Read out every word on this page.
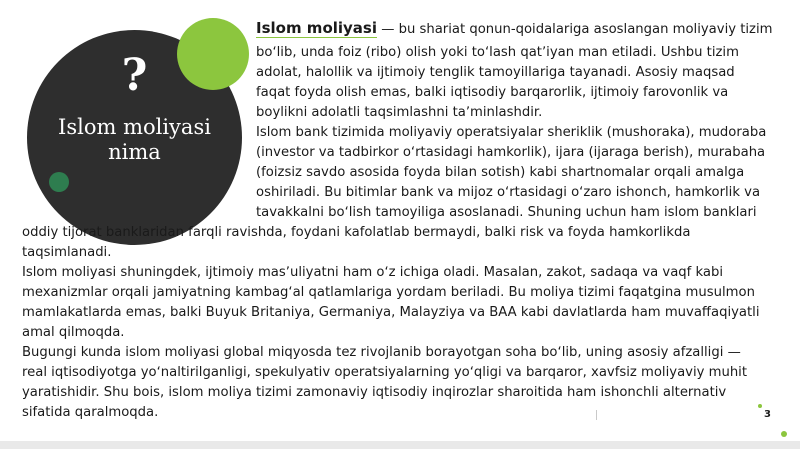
?
Islom moliyasi
nima
Islom moliyasi — bu shariat qonun-qoidalariga asoslangan moliyaviy tizim
boʻlib, unda foiz (ribo) olish yoki toʻlash qatʼiyan man etiladi. Ushbu tizim
adolat, halollik va ijtimoiy tenglik tamoyillariga tayanadi. Asosiy maqsad
faqat foyda olish emas, balki iqtisodiy barqarorlik, ijtimoiy farovonlik va
boylikni adolatli taqsimlashni taʼminlashdir.
Islom bank tizimida moliyaviy operatsiyalar sheriklik (mushoraka), mudoraba
(investor va tadbirkor oʻrtasidagi hamkorlik), ijara (ijaraga berish), murabaha
(foizsiz savdo asosida foyda bilan sotish) kabi shartnomalar orqali amalga
oshiriladi. Bu bitimlar bank va mijoz oʻrtasidagi oʻzaro ishonch, hamkorlik va
tavakkalni boʻlish tamoyiliga asoslanadi. Shuning uchun ham islom banklari
oddiy tijorat banklaridan farqli ravishda, foydani kafolatlab bermaydi, balki risk va foyda hamkorlikda
taqsimlanadi.
Islom moliyasi shuningdek, ijtimoiy masʼuliyatni ham oʻz ichiga oladi. Masalan, zakot, sadaqa va vaqf kabi
mexanizmlar orqali jamiyatning kambagʻal qatlamlariga yordam beriladi. Bu moliya tizimi faqatgina musulmon
mamlakatlarda emas, balki Buyuk Britaniya, Germaniya, Malayziya va BAA kabi davlatlarda ham muvaffaqiyatli
amal qilmoqda.
Bugungi kunda islom moliyasi global miqyosda tez rivojlanib borayotgan soha boʻlib, uning asosiy afzalligi —
real iqtisodiyotga yoʻnaltirilganligi, spekulyativ operatsiyalarning yoʻqligi va barqaror, xavfsiz moliyaviy muhit
yaratishidir. Shu bois, islom moliya tizimi zamonaviy iqtisodiy inqirozlar sharoitida ham ishonchli alternativ
sifatida qaralmoqda.	3
